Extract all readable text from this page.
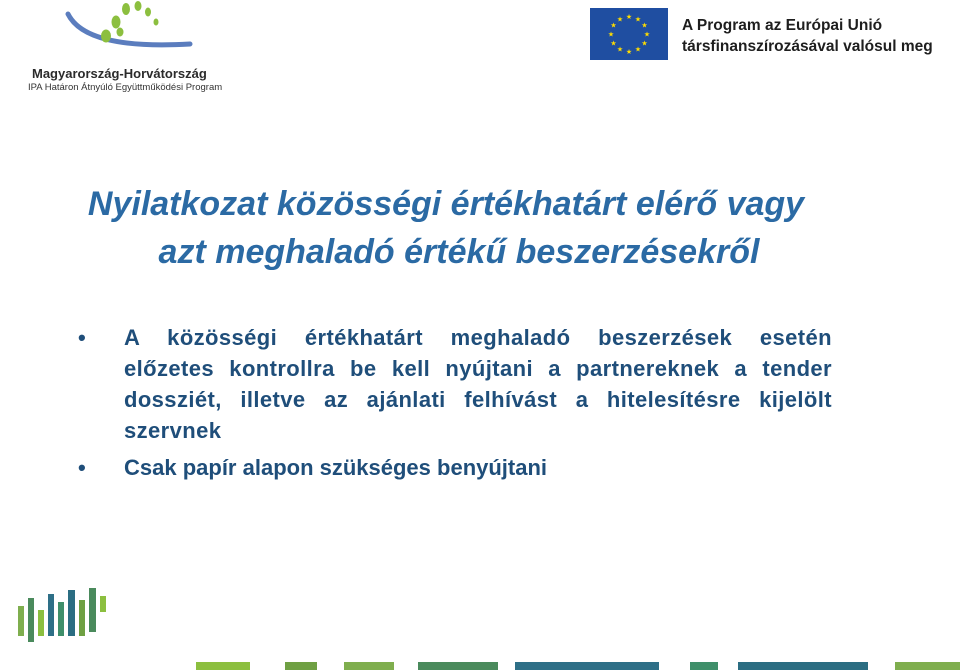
Magyarország-Horvátország
IPA Határon Átnyúló Együttműködési Program
★ ★
★
★
★
★
★
★
★
★
★
★	A Program az Európai Unió
társfinanszírozásával valósul meg
Nyilatkozat közösségi értékhatárt elérő vagy
azt meghaladó értékű beszerzésekről
• A közösségi értékhatárt meghaladó beszerzések esetén előzetes kontrollra be kell nyújtani a partnereknek a tender dossziét, illetve az ajánlati felhívást a hitelesítésre kijelölt szervnek
• Csak papír alapon szükséges benyújtani
